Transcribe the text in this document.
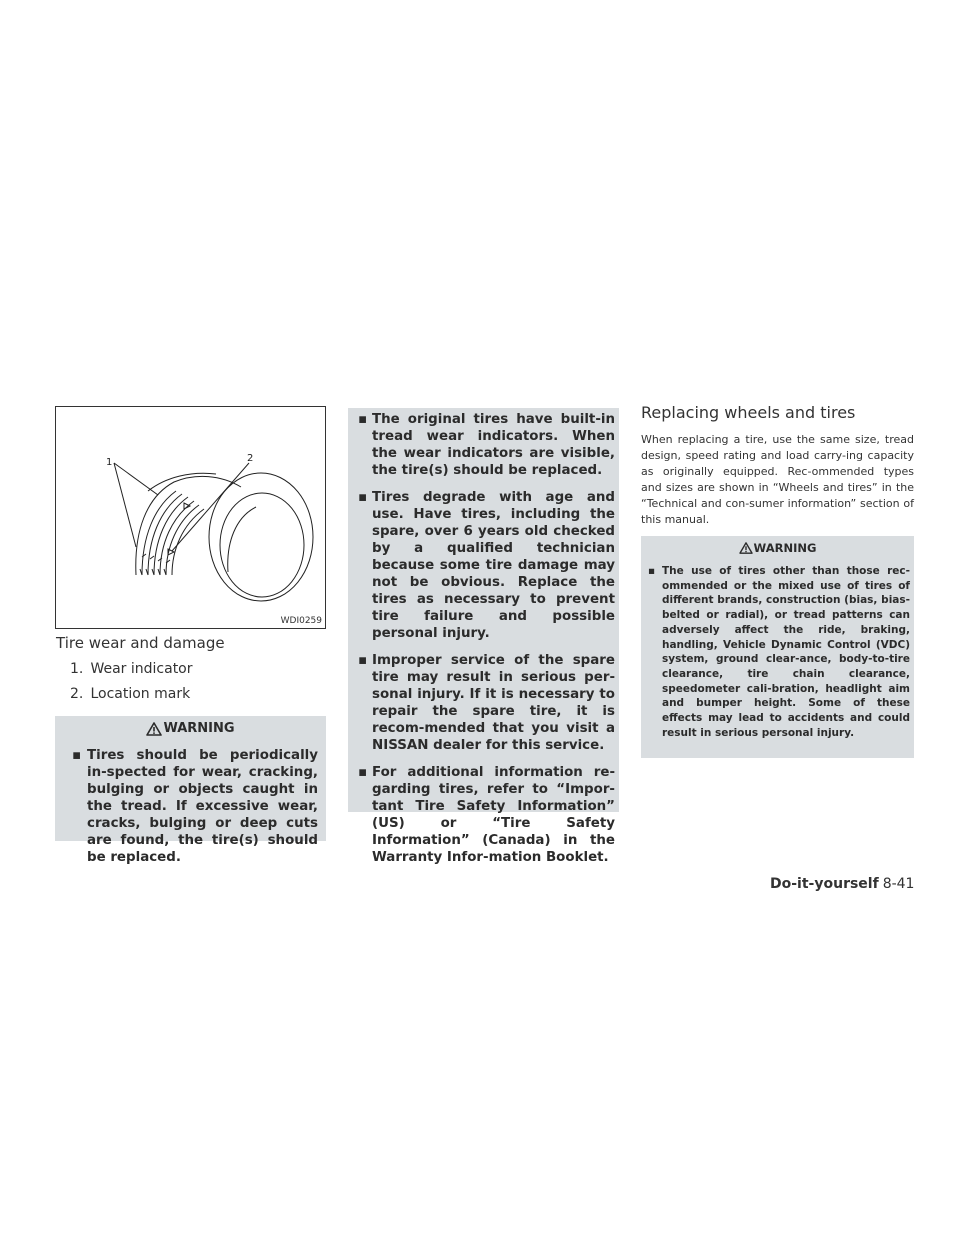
1	2
WDI0259
Tire wear and damage
1. Wear indicator
2. Location mark
WARNING
▪ Tires should be periodically in-spected for wear, cracking, bulging or objects caught in the tread. If excessive wear, cracks, bulging or deep cuts are found, the tire(s) should be replaced.
▪ The original tires have built-in tread wear indicators. When the wear indicators are visible, the tire(s) should be replaced.
▪ Tires degrade with age and use. Have tires, including the spare, over 6 years old checked by a qualified technician because some tire damage may not be obvious. Replace the tires as necessary to prevent tire failure and possible personal injury.
▪ Improper service of the spare tire may result in serious per-sonal injury. If it is necessary to repair the spare tire, it is recom-mended that you visit a NISSAN dealer for this service.
▪ For additional information re-garding tires, refer to “Impor-tant Tire Safety Information” (US) or “Tire Safety Information” (Canada) in the Warranty Infor-mation Booklet.
Replacing wheels and tires

When replacing a tire, use the same size, tread design, speed rating and load carry-ing capacity as originally equipped. Rec-ommended types and sizes are shown in “Wheels and tires” in the “Technical and con-sumer information” section of this manual.

WARNING
▪ The use of tires other than those rec-ommended or the mixed use of tires of different brands, construction (bias, bias-belted or radial), or tread patterns can adversely affect the ride, braking, handling, Vehicle Dynamic Control (VDC) system, ground clear-ance, body-to-tire clearance, tire chain clearance, speedometer cali-bration, headlight aim and bumper height. Some of these effects may lead to accidents and could result in serious personal injury.
Do-it-yourself 8-41
